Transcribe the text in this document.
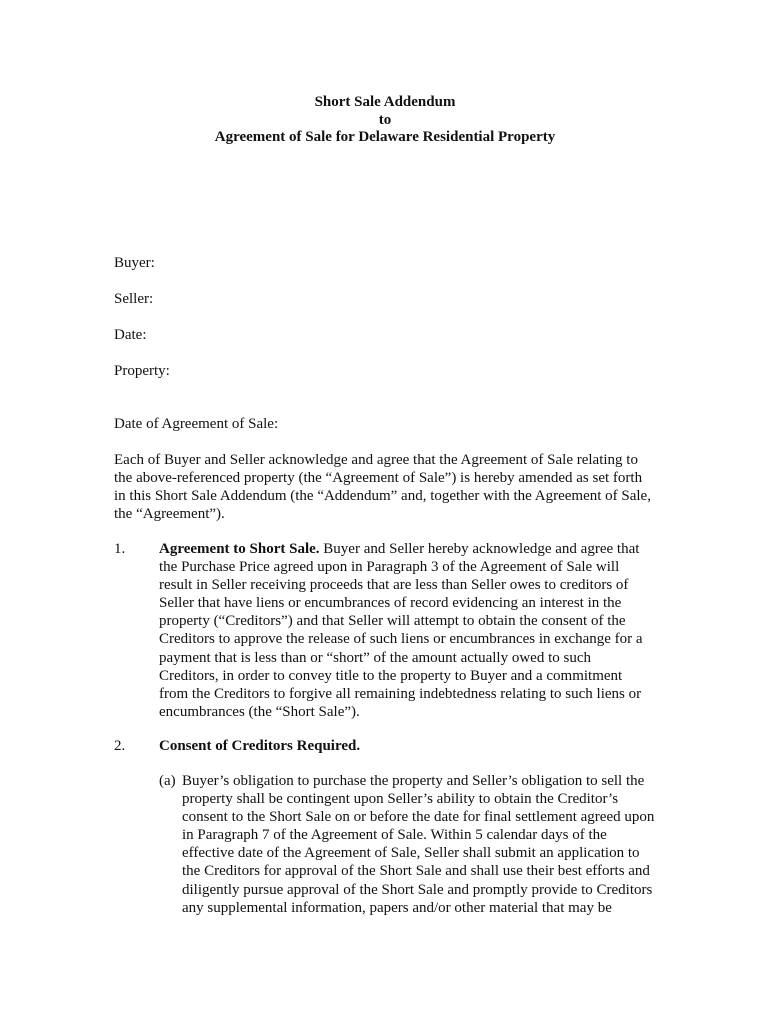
Short Sale Addendum
to
Agreement of Sale for Delaware Residential Property
Buyer:
Seller:
Date:
Property:
Date of Agreement of Sale:
Each of Buyer and Seller acknowledge and agree that the Agreement of Sale relating to
the above-referenced property (the “Agreement of Sale”) is hereby amended as set forth
in this Short Sale Addendum (the “Addendum” and, together with the Agreement of Sale,
the “Agreement”).
1. Agreement to Short Sale. Buyer and Seller hereby acknowledge and agree that
the Purchase Price agreed upon in Paragraph 3 of the Agreement of Sale will
result in Seller receiving proceeds that are less than Seller owes to creditors of
Seller that have liens or encumbrances of record evidencing an interest in the
property (“Creditors”) and that Seller will attempt to obtain the consent of the
Creditors to approve the release of such liens or encumbrances in exchange for a
payment that is less than or “short” of the amount actually owed to such
Creditors, in order to convey title to the property to Buyer and a commitment
from the Creditors to forgive all remaining indebtedness relating to such liens or
encumbrances (the “Short Sale”).
2. Consent of Creditors Required.
(a) Buyer’s obligation to purchase the property and Seller’s obligation to sell the
property shall be contingent upon Seller’s ability to obtain the Creditor’s
consent to the Short Sale on or before the date for final settlement agreed upon
in Paragraph 7 of the Agreement of Sale. Within 5 calendar days of the
effective date of the Agreement of Sale, Seller shall submit an application to
the Creditors for approval of the Short Sale and shall use their best efforts and
diligently pursue approval of the Short Sale and promptly provide to Creditors
any supplemental information, papers and/or other material that may be
